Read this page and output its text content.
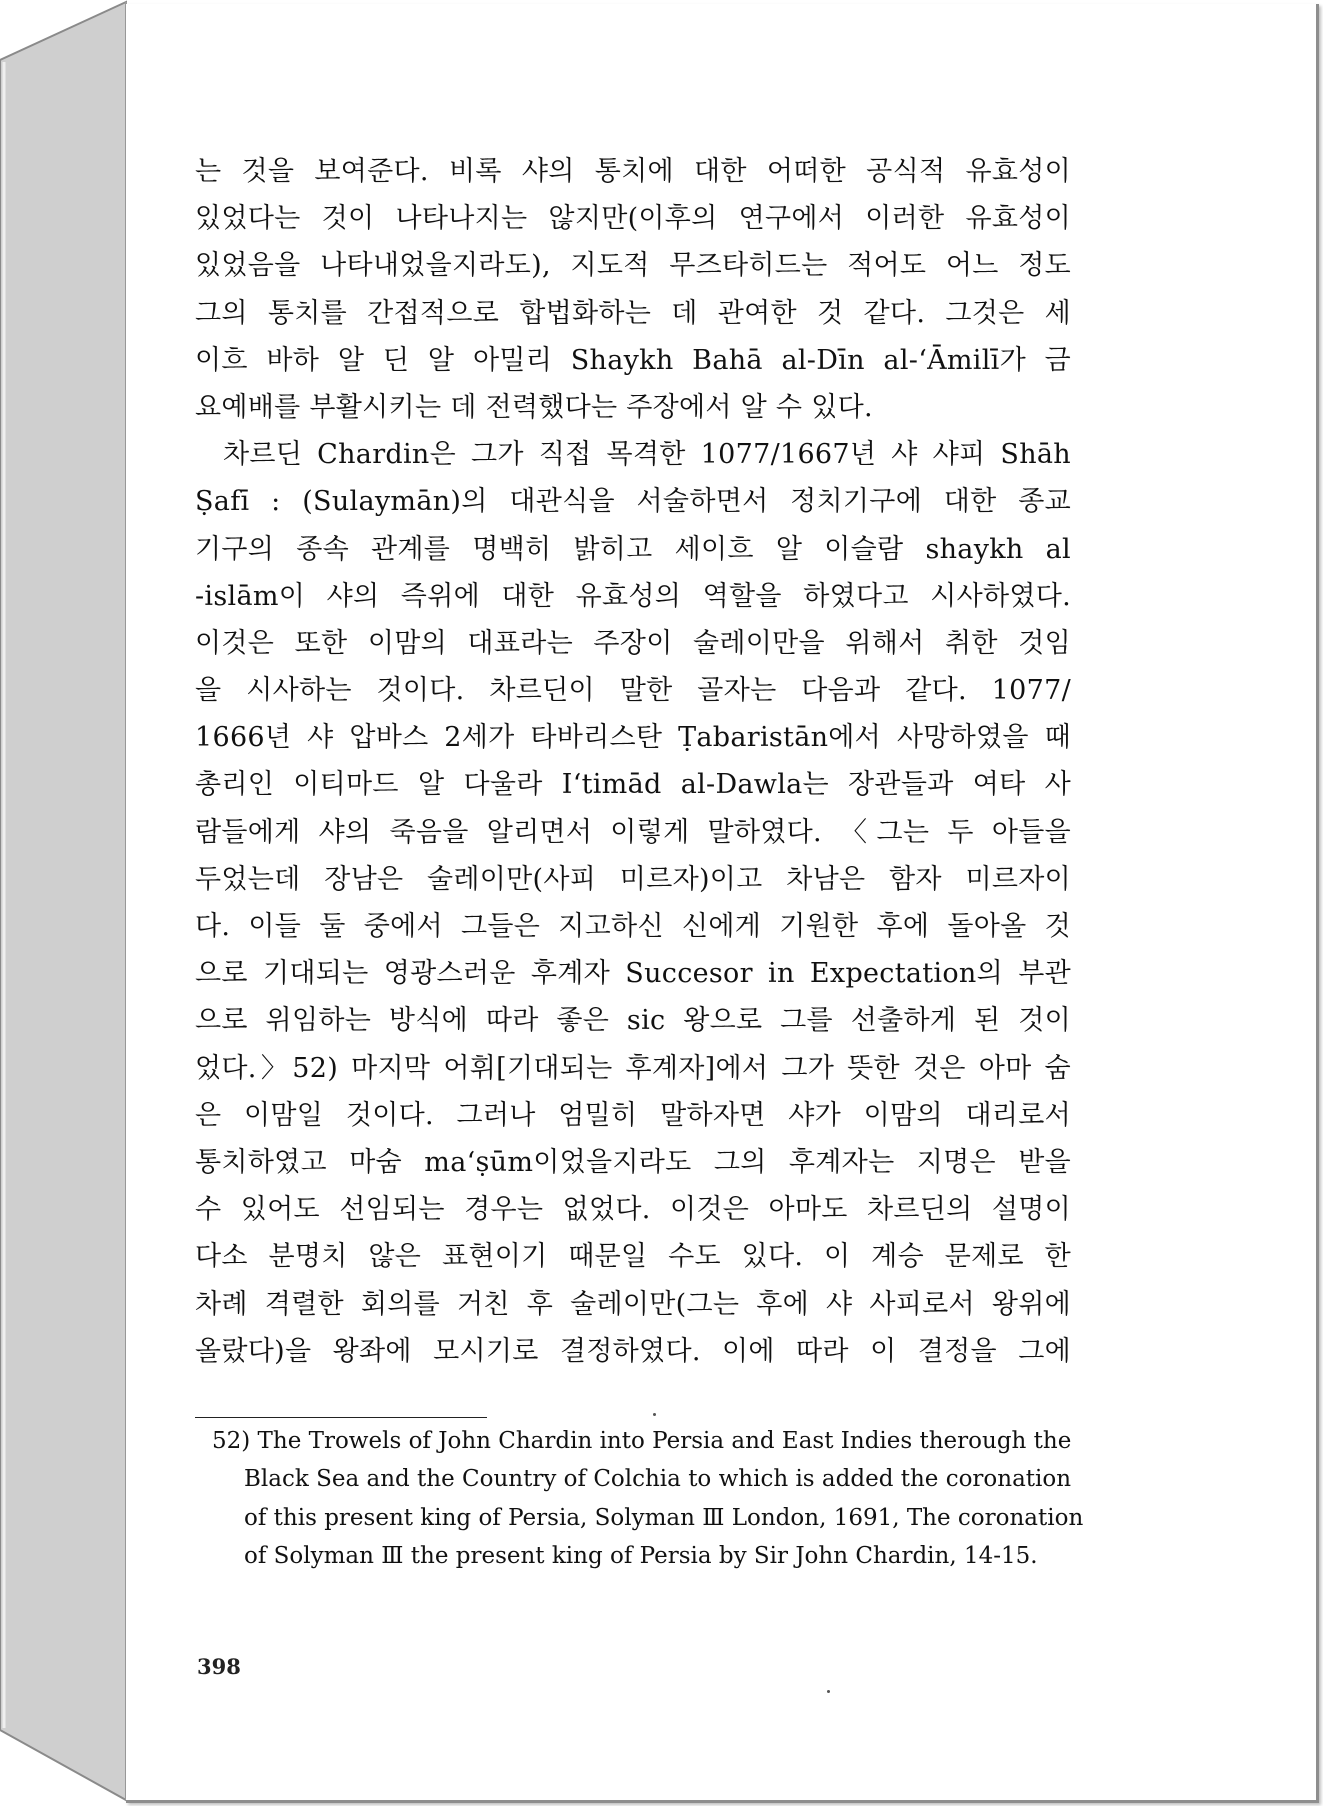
는 것을 보여준다. 비록 샤의 통치에 대한 어떠한 공식적 유효성이
있었다는 것이 나타나지는 않지만(이후의 연구에서 이러한 유효성이
있었음을 나타내었을지라도), 지도적 무즈타히드는 적어도 어느 정도
그의 통치를 간접적으로 합법화하는 데 관여한 것 같다. 그것은 세
이흐 바하 알 딘 알 아밀리 Shaykh Bahā al-Dīn al-ʻĀmilī가 금
요예배를 부활시키는 데 전력했다는 주장에서 알 수 있다.
차르딘 Chardin은 그가 직접 목격한 1077/1667년 샤 샤피 Shāh
Ṣafī : (Sulaymān)의 대관식을 서술하면서 정치기구에 대한 종교
기구의 종속 관계를 명백히 밝히고 세이흐 알 이슬람 shaykh al
-islām이 샤의 즉위에 대한 유효성의 역할을 하였다고 시사하였다.
이것은 또한 이맘의 대표라는 주장이 술레이만을 위해서 취한 것임
을 시사하는 것이다. 차르딘이 말한 골자는 다음과 같다. 1077/
1666년 샤 압바스 2세가 타바리스탄 Ṭabaristān에서 사망하였을 때
총리인 이티마드 알 다울라 Iʻtimād al-Dawla는 장관들과 여타 사
람들에게 샤의 죽음을 알리면서 이렇게 말하였다. 〈그는 두 아들을
두었는데 장남은 술레이만(사피 미르자)이고 차남은 함자 미르자이
다. 이들 둘 중에서 그들은 지고하신 신에게 기원한 후에 돌아올 것
으로 기대되는 영광스러운 후계자 Succesor in Expectation의 부관
으로 위임하는 방식에 따라 좋은 sic 왕으로 그를 선출하게 된 것이
었다.〉52) 마지막 어휘[기대되는 후계자]에서 그가 뜻한 것은 아마 숨
은 이맘일 것이다. 그러나 엄밀히 말하자면 샤가 이맘의 대리로서
통치하였고 마숨 maʻṣūm이었을지라도 그의 후계자는 지명은 받을
수 있어도 선임되는 경우는 없었다. 이것은 아마도 차르딘의 설명이
다소 분명치 않은 표현이기 때문일 수도 있다. 이 계승 문제로 한
차례 격렬한 회의를 거친 후 술레이만(그는 후에 샤 사피로서 왕위에
올랐다)을 왕좌에 모시기로 결정하였다. 이에 따라 이 결정을 그에
52) The Trowels of John Chardin into Persia and East Indies therough the
Black Sea and the Country of Colchia to which is added the coronation
of this present king of Persia, Solyman Ⅲ London, 1691, The coronation
of Solyman Ⅲ the present king of Persia by Sir John Chardin, 14-15.
398
